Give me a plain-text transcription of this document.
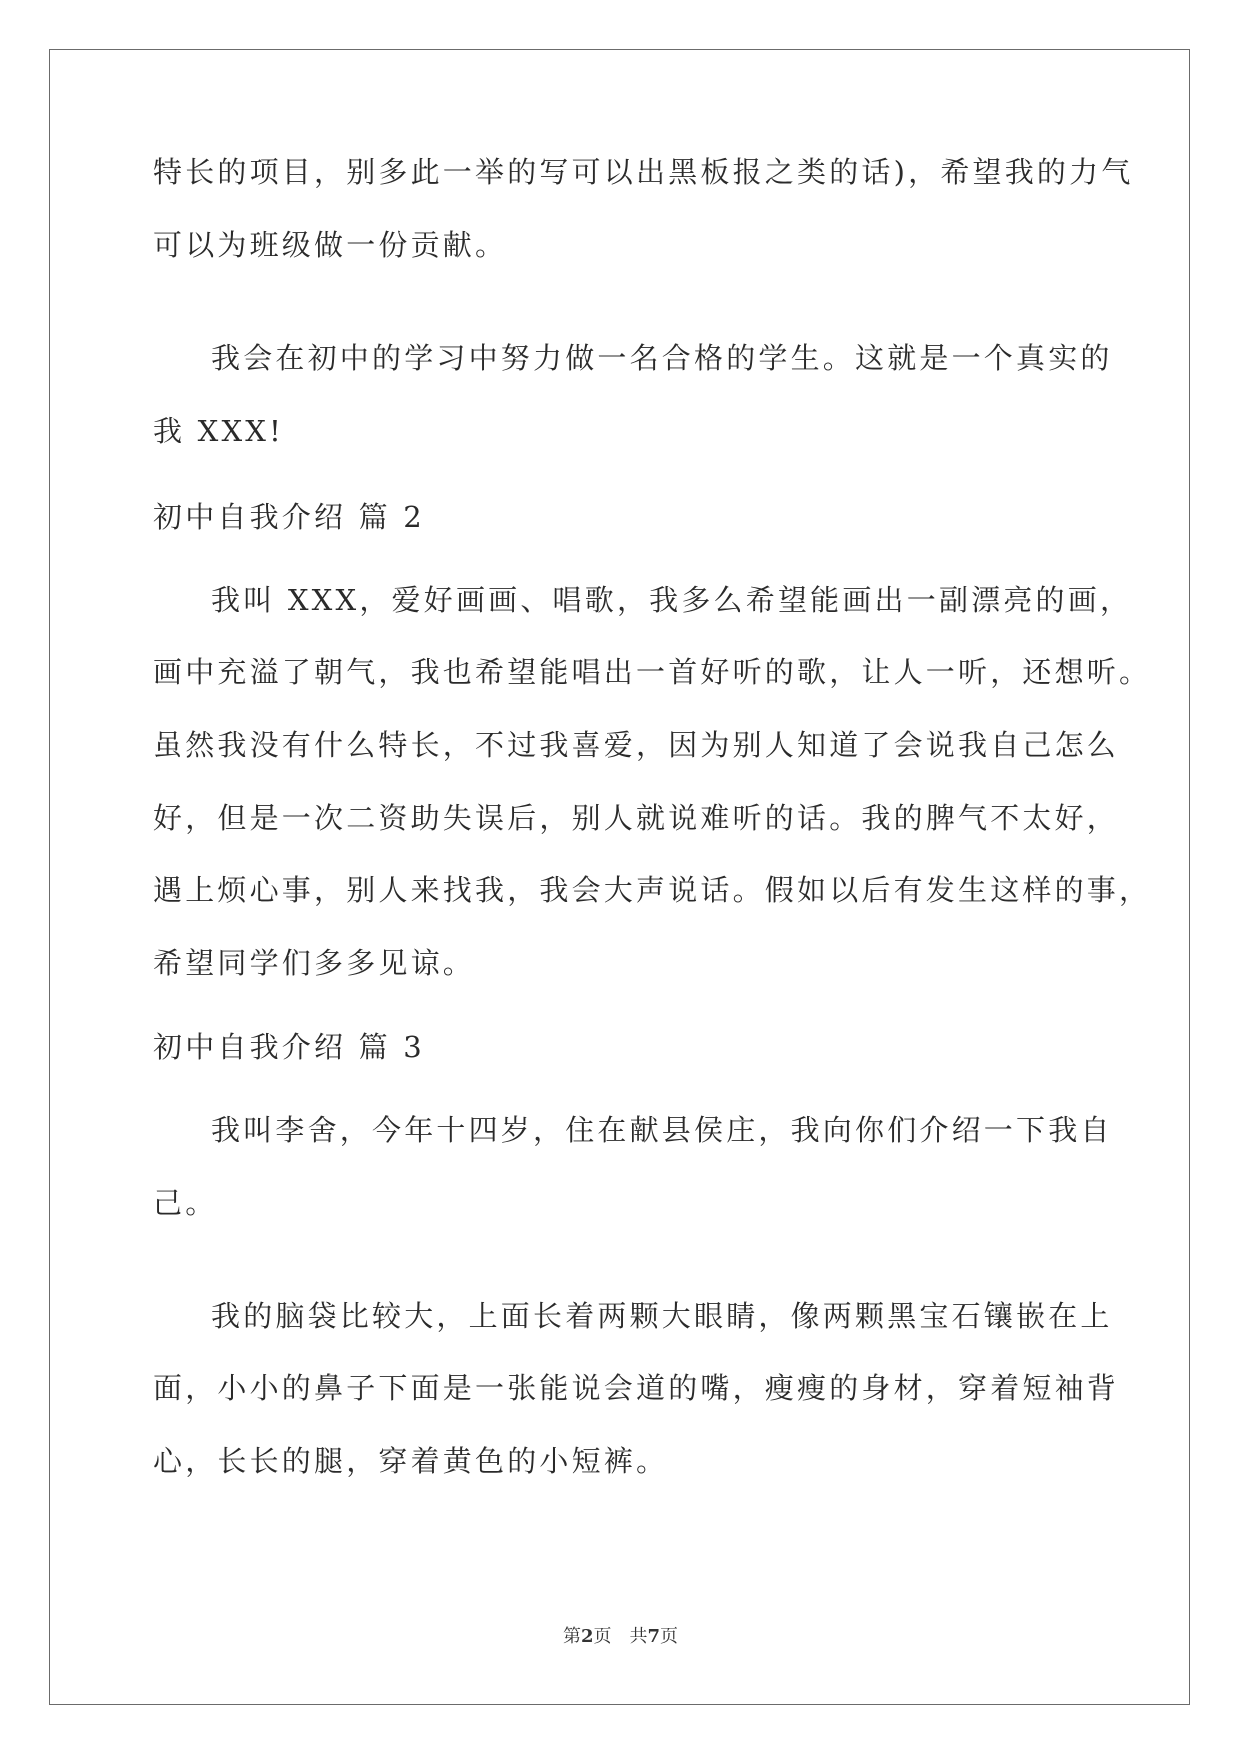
特长的项目，别多此一举的写可以出黑板报之类的话)，希望我的力气
可以为班级做一份贡献。
我会在初中的学习中努力做一名合格的学生。这就是一个真实的
我 XXX!
初中自我介绍 篇 2
我叫 XXX，爱好画画、唱歌，我多么希望能画出一副漂亮的画，
画中充溢了朝气，我也希望能唱出一首好听的歌，让人一听，还想听。
虽然我没有什么特长，不过我喜爱，因为别人知道了会说我自己怎么
好，但是一次二资助失误后，别人就说难听的话。我的脾气不太好，
遇上烦心事，别人来找我，我会大声说话。假如以后有发生这样的事，
希望同学们多多见谅。
初中自我介绍 篇 3
我叫李舍，今年十四岁，住在献县侯庄，我向你们介绍一下我自
己。
我的脑袋比较大，上面长着两颗大眼睛，像两颗黑宝石镶嵌在上
面，小小的鼻子下面是一张能说会道的嘴，瘦瘦的身材，穿着短袖背
心，长长的腿，穿着黄色的小短裤。
第2页　共7页
